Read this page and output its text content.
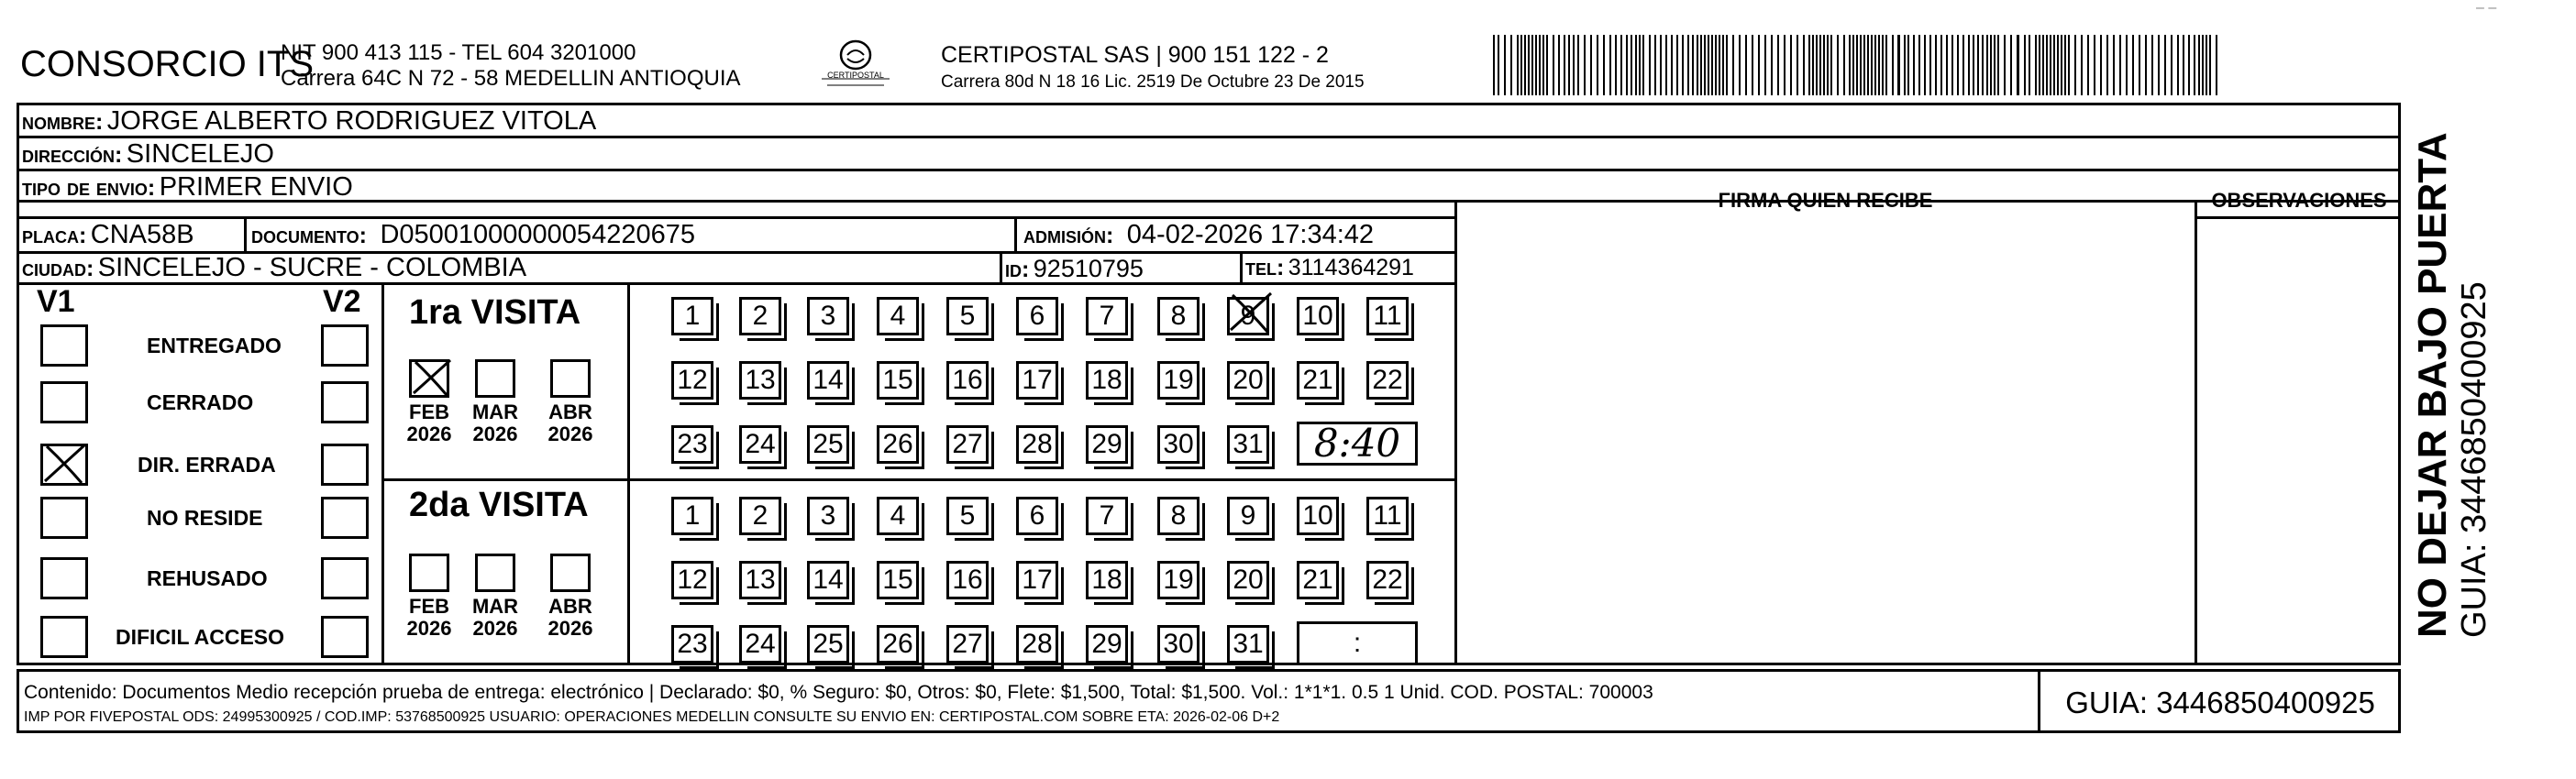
CONSORCIO ITS
NIT 900 413 115 - TEL 604 3201000
Carrera 64C N 72 - 58 MEDELLIN ANTIOQUIA	CERTIPOSTAL
CERTIPOSTAL SAS | 900 151 122 - 2
Carrera 80d N 18 16 Lic. 2519 De Octubre 23 De 2015
nombre: JORGE ALBERTO RODRIGUEZ VITOLA
dirección: SINCELEJO
tipo de envio: PRIMER ENVIO	FIRMA QUIEN RECIBE	OBSERVACIONES
placa: CNA58B documento: D05001000000054220675	admisión: 04-02-2026 17:34:42
ciudad: SINCELEJO - SUCRE - COLOMBIA	id: 92510795	tel: 3114364291
V1	V2
ENTREGADO
CERRADO
DIR. ERRADA
NO RESIDE
REHUSADO
DIFICIL ACCESO
1ra VISITA
FEB
2026
MAR
2026
ABR
2026
1	2	3	4	5	6	7	8	9	10 11
12 13 14 15 16 17 18 19 20 21 22
23 24 25 26 27 28 29 30 31	8:40
2da VISITA
FEB
2026
MAR
2026
ABR
2026
1	2	3	4	5	6	7	8	9	10 11
12 13 14 15 16 17 18 19 20 21 22
23 24 25 26 27 28 29 30 31	:
Contenido: Documentos Medio recepción prueba de entrega: electrónico | Declarado: $0, % Seguro: $0, Otros: $0, Flete: $1,500, Total: $1,500. Vol.: 1*1*1. 0.5 1 Unid. COD. POSTAL: 700003
IMP POR FIVEPOSTAL ODS: 24995300925 / COD.IMP: 53768500925 USUARIO: OPERACIONES MEDELLIN CONSULTE SU ENVIO EN: CERTIPOSTAL.COM SOBRE ETA: 2026-02-06 D+2	GUIA: 3446850400925
NO DEJAR BAJO PUERTA GUIA: 3446850400925
– –
